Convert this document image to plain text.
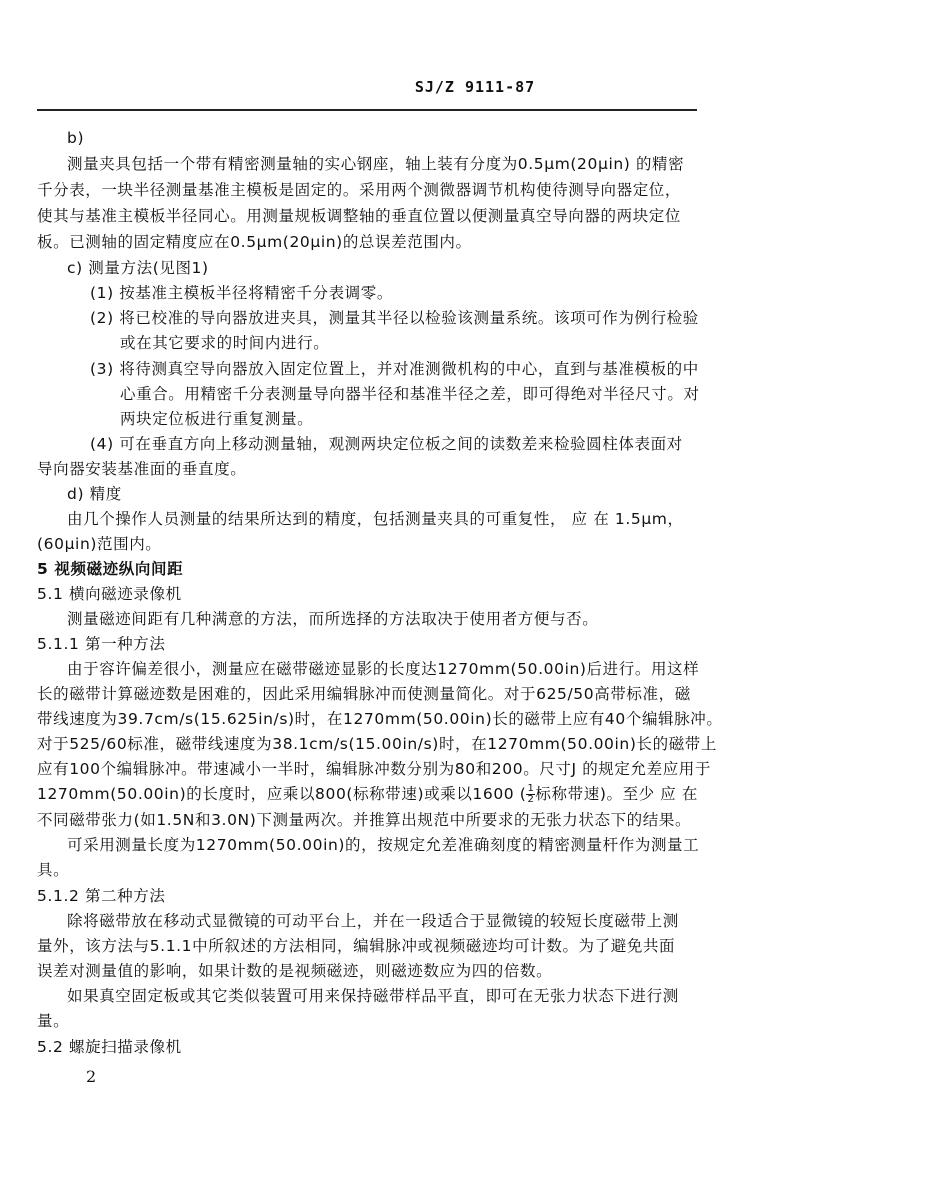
SJ/Z 9111-87
b)
测量夹具包括一个带有精密测量轴的实心钢座，轴上装有分度为0.5μm(20μin) 的精密
千分表，一块半径测量基准主模板是固定的。采用两个测微器调节机构使待测导向器定位，
使其与基准主模板半径同心。用测量规板调整轴的垂直位置以便测量真空导向器的两块定位
板。已测轴的固定精度应在0.5μm(20μin)的总误差范围内。
c) 测量方法(见图1)
(1) 按基准主模板半径将精密千分表调零。
(2) 将已校准的导向器放进夹具，测量其半径以检验该测量系统。该项可作为例行检验
或在其它要求的时间内进行。
(3) 将待测真空导向器放入固定位置上，并对准测微机构的中心，直到与基准模板的中
心重合。用精密千分表测量导向器半径和基准半径之差，即可得绝对半径尺寸。对
两块定位板进行重复测量。
(4) 可在垂直方向上移动测量轴，观测两块定位板之间的读数差来检验圆柱体表面对
导向器安装基准面的垂直度。
d) 精度
由几个操作人员测量的结果所达到的精度，包括测量夹具的可重复性， 应 在 1.5μm，
(60μin)范围内。
5 视频磁迹纵向间距
5.1 横向磁迹录像机
测量磁迹间距有几种满意的方法，而所选择的方法取决于使用者方便与否。
5.1.1 第一种方法
由于容许偏差很小，测量应在磁带磁迹显影的长度达1270mm(50.00in)后进行。用这样
长的磁带计算磁迹数是困难的，因此采用编辑脉冲而使测量简化。对于625/50高带标准，磁
带线速度为39.7cm/s(15.625in/s)时，在1270mm(50.00in)长的磁带上应有40个编辑脉冲。
对于525/60标准，磁带线速度为38.1cm/s(15.00in/s)时，在1270mm(50.00in)长的磁带上
应有100个编辑脉冲。带速减小一半时，编辑脉冲数分别为80和200。尺寸J 的规定允差应用于
1270mm(50.00in)的长度时，应乘以800(标称带速)或乘以1600 ( $\frac{1}{2}$ 标称带速)。至少 应 在
不同磁带张力(如1.5N和3.0N)下测量两次。并推算出规范中所要求的无张力状态下的结果。
可采用测量长度为1270mm(50.00in)的，按规定允差准确刻度的精密测量杆作为测量工
具。
5.1.2 第二种方法
除将磁带放在移动式显微镜的可动平台上，并在一段适合于显微镜的较短长度磁带上测
量外，该方法与5.1.1中所叙述的方法相同，编辑脉冲或视频磁迹均可计数。为了避免共面
误差对测量值的影响，如果计数的是视频磁迹，则磁迹数应为四的倍数。
如果真空固定板或其它类似装置可用来保持磁带样品平直，即可在无张力状态下进行测
量。
5.2 螺旋扫描录像机
2
